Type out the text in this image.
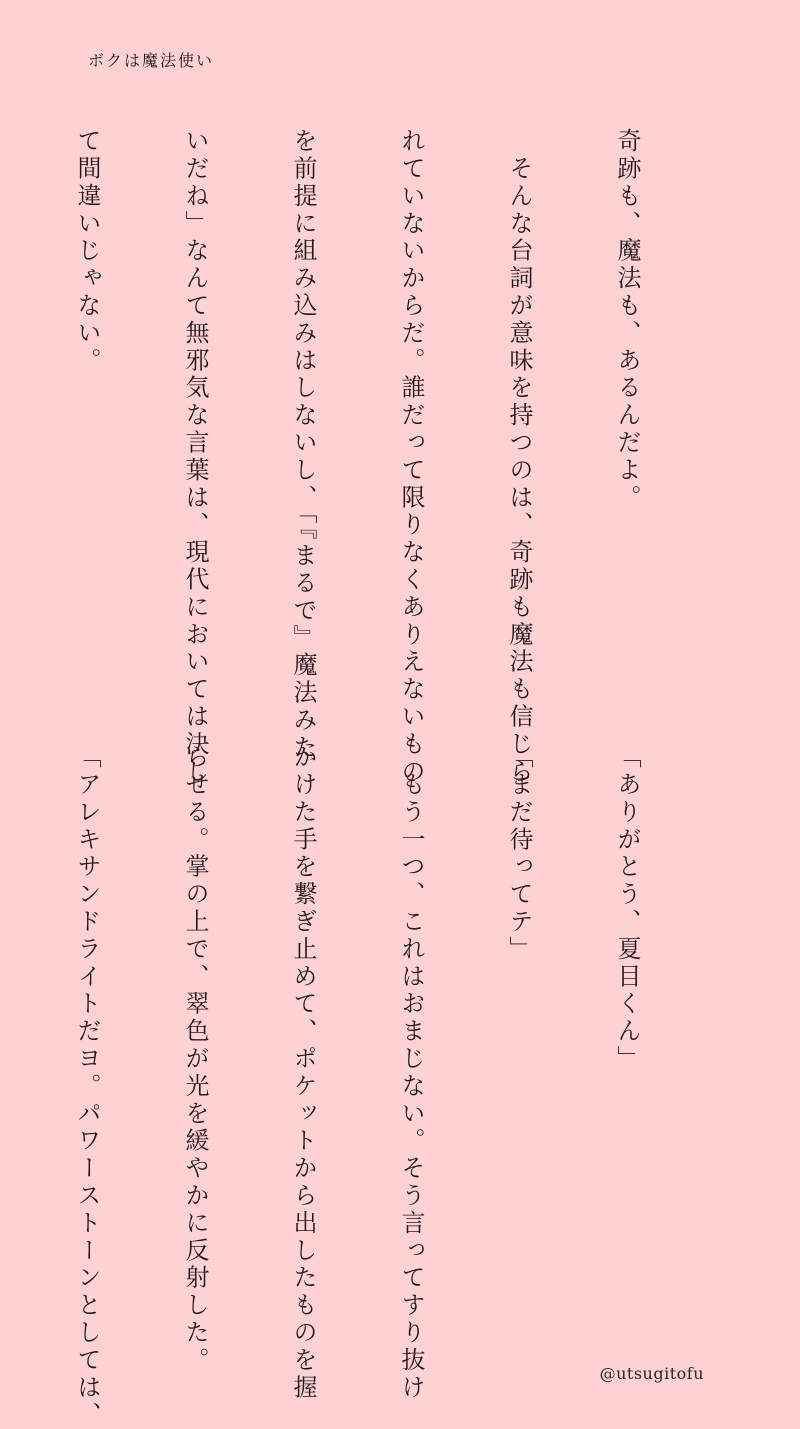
ボクは魔法使い

奇跡も、魔法も、あるんだよ。

　そんな台詞が意味を持つのは、奇跡も魔法も信じら

れていないからだ。誰だって限りなくありえないもの

を前提に組み込みはしないし、「『まるで』魔法みた

いだね」なんて無邪気な言葉は、現代においては決し

て間違いじゃない。

「ありがとう、夏目くん」

「まだ待ってテ」

　もう一つ、これはおまじない。そう言ってすり抜け

かけた手を繋ぎ止めて、ポケットから出したものを握

らせる。掌の上で、翠色が光を緩やかに反射した。

「アレキサンドライトだヨ。パワーストーンとしては、

	@utsugitofu
